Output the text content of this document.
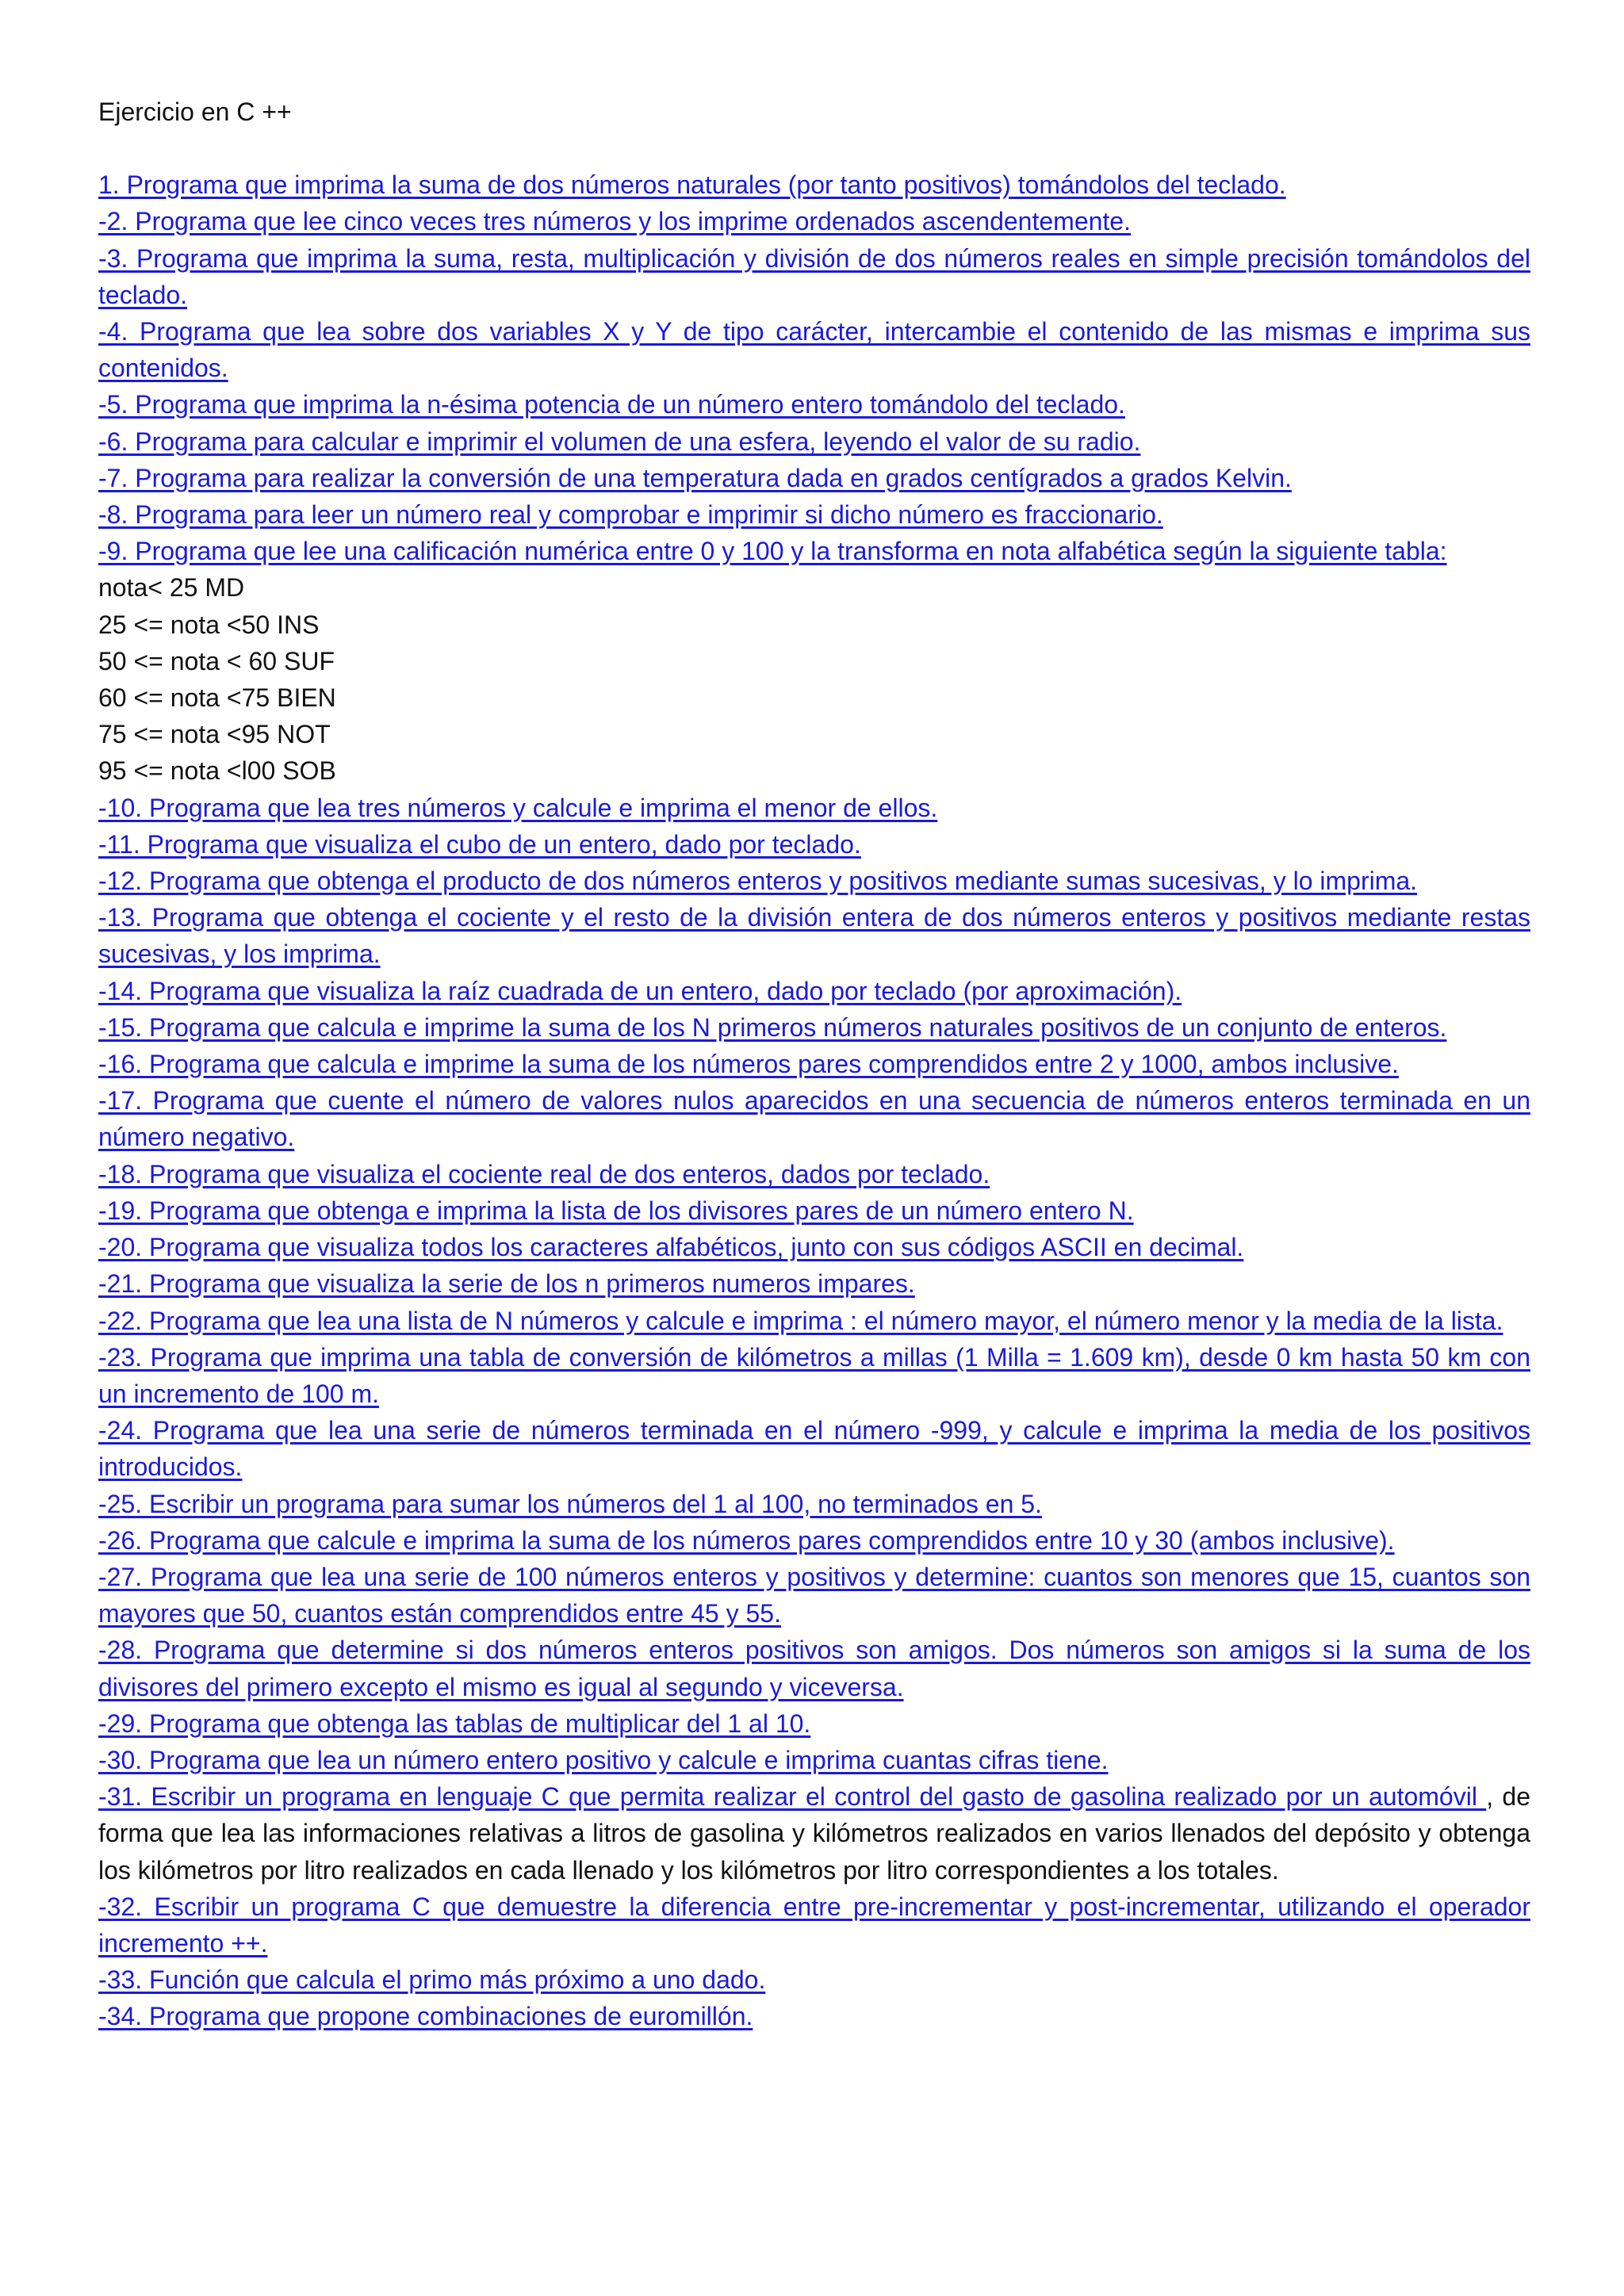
Ejercicio en C ++

1. Programa que imprima la suma de dos números naturales (por tanto positivos) tomándolos del teclado.

-2. Programa que lee cinco veces tres números y los imprime ordenados ascendentemente.

-3. Programa que imprima la suma, resta, multiplicación y división de dos números reales en simple precisión tomándolos del teclado.

-4. Programa que lea sobre dos variables X y Y de tipo carácter, intercambie el contenido de las mismas e imprima sus contenidos.

-5. Programa que imprima la n-ésima potencia de un número entero tomándolo del teclado.

-6. Programa para calcular e imprimir el volumen de una esfera, leyendo el valor de su radio.

-7. Programa para realizar la conversión de una temperatura dada en grados centígrados a grados Kelvin.

-8. Programa para leer un número real y comprobar e imprimir si dicho número es fraccionario.

-9. Programa que lee una calificación numérica entre 0 y 100 y la transforma en nota alfabética según la siguiente tabla:

nota< 25 MD

25 <= nota <50 INS

50 <= nota < 60 SUF

60 <= nota <75 BIEN

75 <= nota <95 NOT

95 <= nota <l00 SOB

-10. Programa que lea tres números y calcule e imprima el menor de ellos.

-11. Programa que visualiza el cubo de un entero, dado por teclado.

-12. Programa que obtenga el producto de dos números enteros y positivos mediante sumas sucesivas, y lo imprima.

-13. Programa que obtenga el cociente y el resto de la división entera de dos números enteros y positivos mediante restas sucesivas, y los imprima.

-14. Programa que visualiza la raíz cuadrada de un entero, dado por teclado (por aproximación).

-15. Programa que calcula e imprime la suma de los N primeros números naturales positivos de un conjunto de enteros.

-16. Programa que calcula e imprime la suma de los números pares comprendidos entre 2 y 1000, ambos inclusive.

-17. Programa que cuente el número de valores nulos aparecidos en una secuencia de números enteros terminada en un número negativo.

-18. Programa que visualiza el cociente real de dos enteros, dados por teclado.

-19. Programa que obtenga e imprima la lista de los divisores pares de un número entero N.

-20. Programa que visualiza todos los caracteres alfabéticos, junto con sus códigos ASCII en decimal.

-21. Programa que visualiza la serie de los n primeros numeros impares.

-22. Programa que lea una lista de N números y calcule e imprima : el número mayor, el número menor y la media de la lista.

-23. Programa que imprima una tabla de conversión de kilómetros a millas (1 Milla = 1.609 km), desde 0 km hasta 50 km con un incremento de 100 m.

-24. Programa que lea una serie de números terminada en el número -999, y calcule e imprima la media de los positivos introducidos.

-25. Escribir un programa para sumar los números del 1 al 100, no terminados en 5.

-26. Programa que calcule e imprima la suma de los números pares comprendidos entre 10 y 30 (ambos inclusive).

-27. Programa que lea una serie de 100 números enteros y positivos y determine: cuantos son menores que 15, cuantos son mayores que 50, cuantos están comprendidos entre 45 y 55.

-28. Programa que determine si dos números enteros positivos son amigos. Dos números son amigos si la suma de los divisores del primero excepto el mismo es igual al segundo y viceversa.

-29. Programa que obtenga las tablas de multiplicar del 1 al 10.

-30. Programa que lea un número entero positivo y calcule e imprima cuantas cifras tiene.

-31. Escribir un programa en lenguaje C que permita realizar el control del gasto de gasolina realizado por un automóvil , de forma que lea las informaciones relativas a litros de gasolina y kilómetros realizados en varios llenados del depósito y obtenga los kilómetros por litro realizados en cada llenado y los kilómetros por litro correspondientes a los totales.

-32. Escribir un programa C que demuestre la diferencia entre pre-incrementar y post-incrementar, utilizando el operador incremento ++.

-33. Función que calcula el primo más próximo a uno dado.

-34. Programa que propone combinaciones de euromillón.
